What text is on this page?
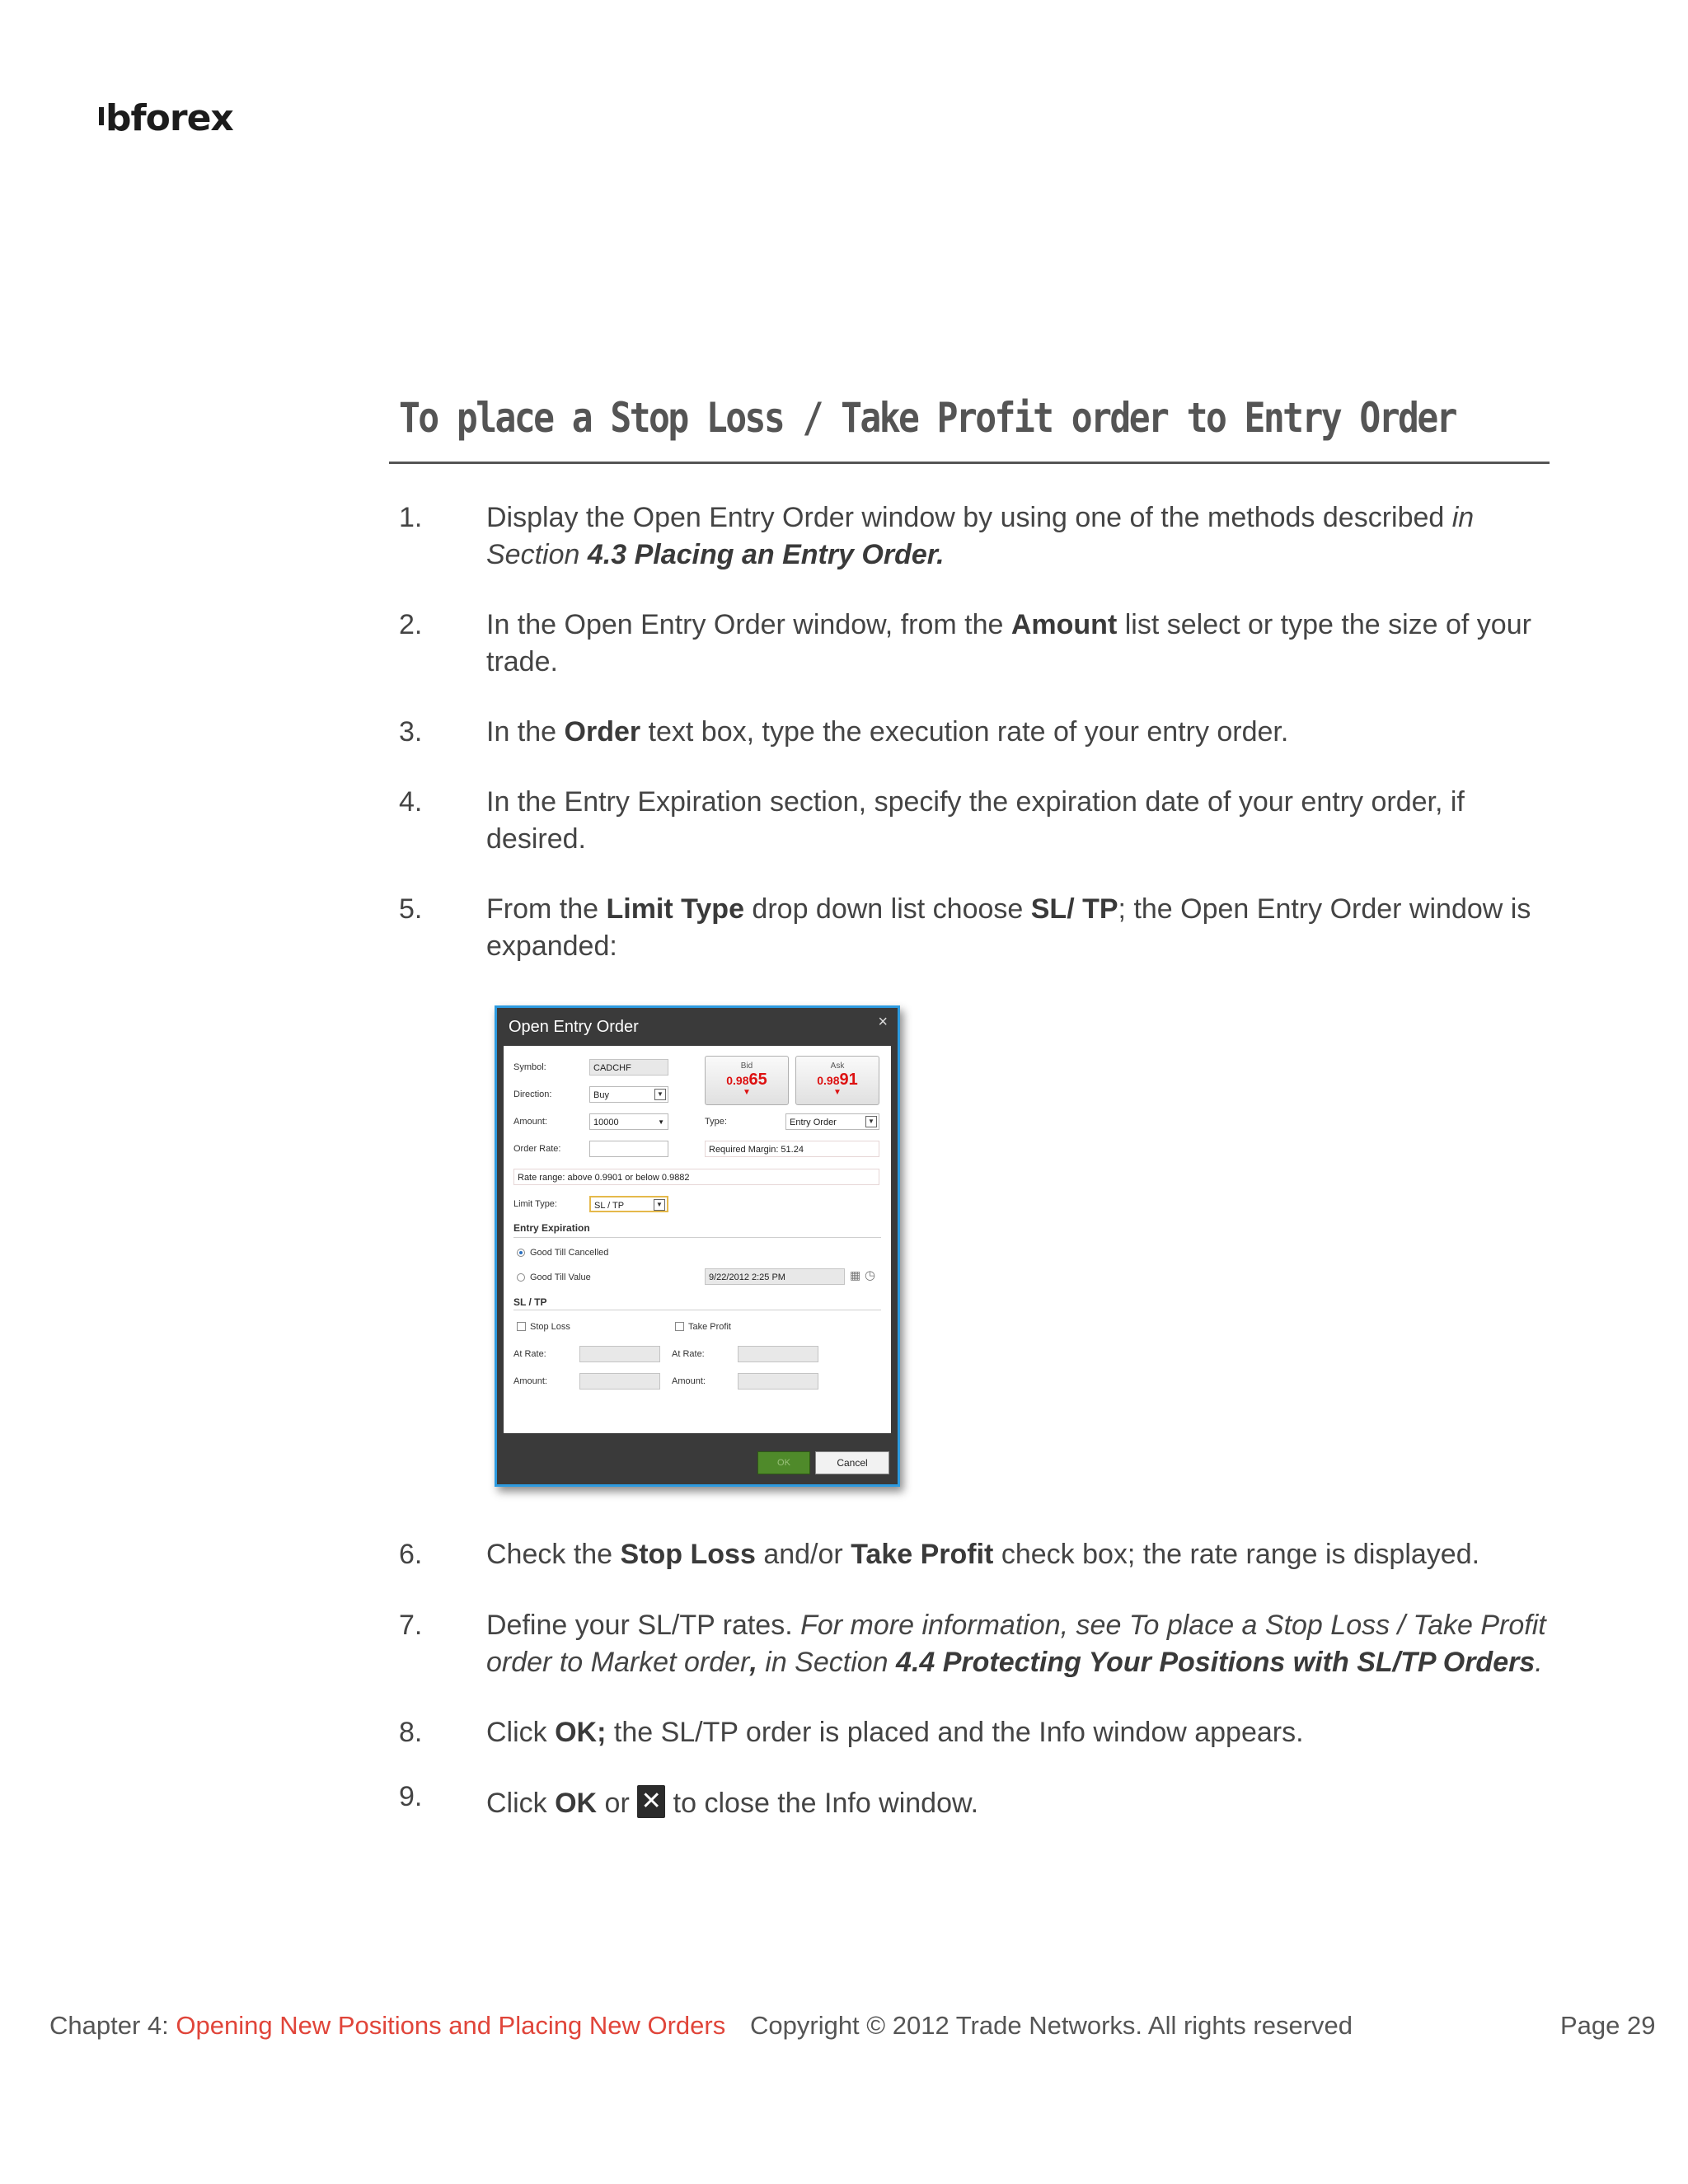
bforex
To place a Stop Loss / Take Profit order to Entry Order
1. Display the Open Entry Order window by using one of the methods described in
Section 4.3 Placing an Entry Order.
2. In the Open Entry Order window, from the Amount list select or type the size of your trade.
3. In the Order text box, type the execution rate of your entry order.
4. In the Entry Expiration section, specify the expiration date of your entry order, if desired.
5. From the Limit Type drop down list choose SL/ TP; the Open Entry Order window is expanded:
6. Check the Stop Loss and/or Take Profit check box; the rate range is displayed.
7. Define your SL/TP rates. For more information, see To place a Stop Loss / Take Profit order to Market order, in Section 4.4 Protecting Your Positions with SL/TP Orders.
8. Click OK; the SL/TP order is placed and the Info window appears.
9. Click OK or ✕ to close the Info window.
Open Entry Order	×
Symbol:	CADCHF
Direction:	Buy	▼
Amount:	10000	▼
Order Rate:
Bid
0.9865
▼
Ask
0.9891
▼
Type:	Entry Order	▼
Required Margin: 51.24
Rate range: above 0.9901 or below 0.9882
Limit Type:	SL / TP	▼
Entry Expiration
Good Till Cancelled
Good Till Value	9/22/2012 2:25 PM	▦ ◷
SL / TP
Stop Loss	Take Profit
At Rate:	At Rate:
Amount:	Amount:
OK	Cancel
Chapter 4: Opening New Positions and Placing New Orders Copyright © 2012 Trade Networks. All rights reserved	Page 29
